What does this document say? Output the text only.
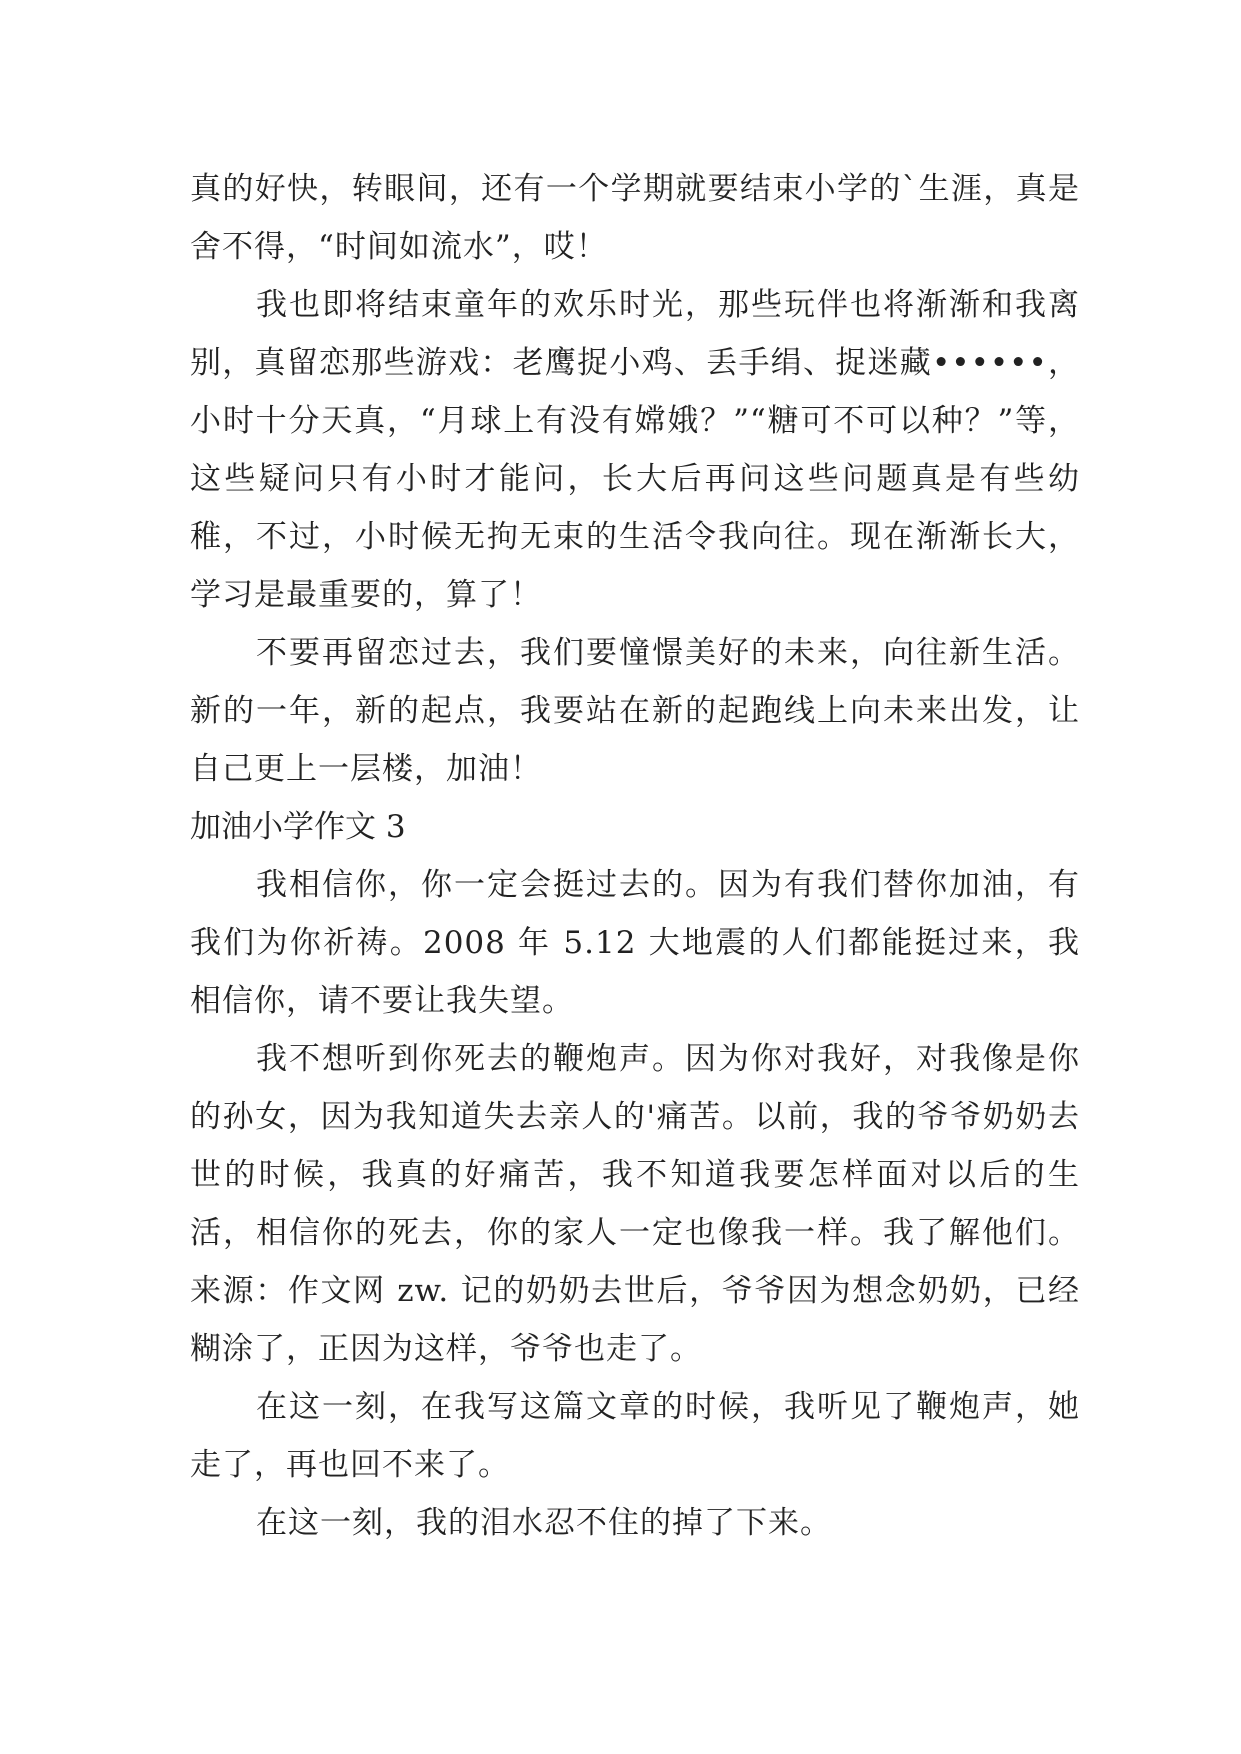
真的好快，转眼间，还有一个学期就要结束小学的`生涯，真是舍不得，“时间如流水”，哎！

我也即将结束童年的欢乐时光，那些玩伴也将渐渐和我离别，真留恋那些游戏：老鹰捉小鸡、丢手绢、捉迷藏••••••，小时十分天真，“月球上有没有嫦娥？”“糖可不可以种？”等，这些疑问只有小时才能问，长大后再问这些问题真是有些幼稚，不过，小时候无拘无束的生活令我向往。现在渐渐长大，学习是最重要的，算了！

不要再留恋过去，我们要憧憬美好的未来，向往新生活。新的一年，新的起点，我要站在新的起跑线上向未来出发，让自己更上一层楼，加油！

加油小学作文 3

我相信你，你一定会挺过去的。因为有我们替你加油，有我们为你祈祷。2008 年 5.12 大地震的人们都能挺过来，我相信你，请不要让我失望。

我不想听到你死去的鞭炮声。因为你对我好，对我像是你的孙女，因为我知道失去亲人的'痛苦。以前，我的爷爷奶奶去世的时候，我真的好痛苦，我不知道我要怎样面对以后的生活，相信你的死去，你的家人一定也像我一样。我了解他们。来源：作文网 zw. 记的奶奶去世后，爷爷因为想念奶奶，已经糊涂了，正因为这样，爷爷也走了。

在这一刻，在我写这篇文章的时候，我听见了鞭炮声，她走了，再也回不来了。

在这一刻，我的泪水忍不住的掉了下来。
